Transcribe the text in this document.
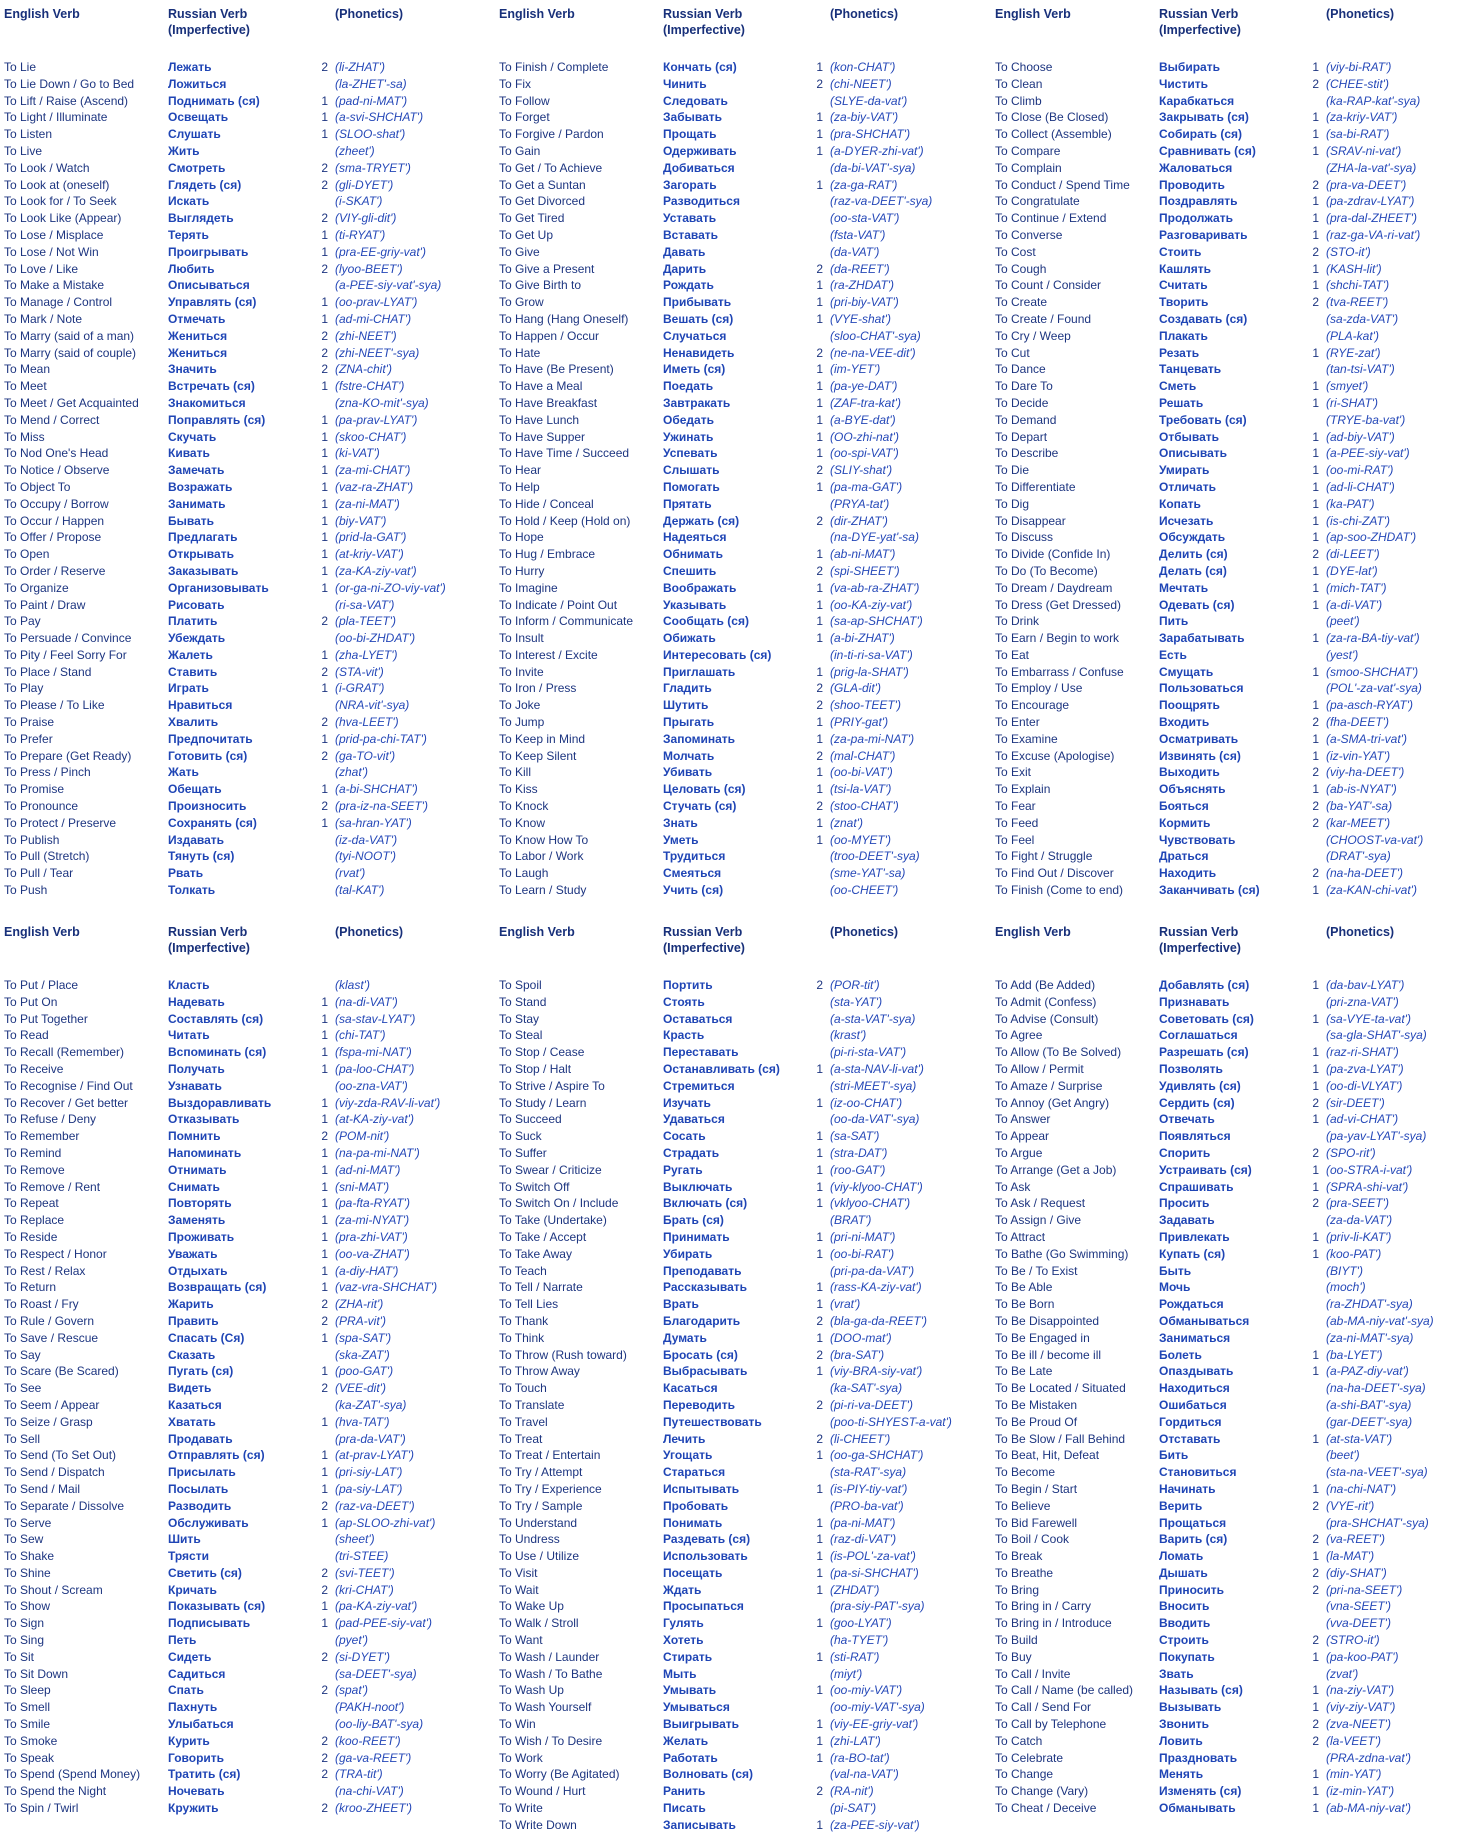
English Verb	Russian Verb
(Imperfective)
(Phonetics)
To Lie	Лежать	2 (li-ZHAT')
To Lie Down / Go to Bed	Ложиться	(la-ZHET'-sa)
To Lift / Raise (Ascend)	Поднимать (ся)	1 (pad-ni-MAT')
To Light / Illuminate	Освещать	1 (a-svi-SHCHAT')
To Listen	Слушать	1 (SLOO-shat')
To Live	Жить	(zheet')
To Look / Watch	Смотреть	2 (sma-TRYET')
To Look at (oneself)	Глядеть (ся)	2 (gli-DYET')
To Look for / To Seek	Искать	(i-SKAT')
To Look Like (Appear)	Выглядеть	2 (VIY-gli-dit')
To Lose / Misplace	Терять	1 (ti-RYAT')
To Lose / Not Win	Проигрывать	1 (pra-EE-griy-vat')
To Love / Like	Любить	2 (lyoo-BEET')
To Make a Mistake	Описываться	(a-PEE-siy-vat'-sya)
To Manage / Control	Управлять (ся)	1 (oo-prav-LYAT')
To Mark / Note	Отмечать	1 (ad-mi-CHAT')
To Marry (said of a man)	Жениться	2 (zhi-NEET')
To Marry (said of couple)	Жениться	2 (zhi-NEET'-sya)
To Mean	Значить	2 (ZNA-chit')
To Meet	Встречать (ся)	1 (fstre-CHAT')
To Meet / Get Acquainted	Знакомиться	(zna-KO-mit'-sya)
To Mend / Correct	Поправлять (ся)	1 (pa-prav-LYAT')
To Miss	Скучать	1 (skoo-CHAT')
To Nod One's Head	Кивать	1 (ki-VAT')
To Notice / Observe	Замечать	1 (za-mi-CHAT')
To Object To	Возражать	1 (vaz-ra-ZHAT')
To Occupy / Borrow	Занимать	1 (za-ni-MAT')
To Occur / Happen	Бывать	1 (biy-VAT')
To Offer / Propose	Предлагать	1 (prid-la-GAT')
To Open	Открывать	1 (at-kriy-VAT')
To Order / Reserve	Заказывать	1 (za-KA-ziy-vat')
To Organize	Организовывать	1 (or-ga-ni-ZO-viy-vat')
To Paint / Draw	Рисовать	(ri-sa-VAT')
To Pay	Платить	2 (pla-TEET')
To Persuade / Convince	Убеждать	(oo-bi-ZHDAT')
To Pity / Feel Sorry For	Жалеть	1 (zha-LYET')
To Place / Stand	Ставить	2 (STA-vit')
To Play	Играть	1 (i-GRAT')
To Please / To Like	Нравиться	(NRA-vit'-sya)
To Praise	Хвалить	2 (hva-LEET')
To Prefer	Предпочитать	1 (prid-pa-chi-TAT')
To Prepare (Get Ready)	Готовить (ся)	2 (ga-TO-vit')
To Press / Pinch	Жать	(zhat')
To Promise	Обещать	1 (a-bi-SHCHAT')
To Pronounce	Произносить	2 (pra-iz-na-SEET')
To Protect / Preserve	Сохранять (ся)	1 (sa-hran-YAT')
To Publish	Издавать	(iz-da-VAT')
To Pull (Stretch)	Тянуть (ся)	(tyi-NOOT')
To Pull / Tear	Рвать	(rvat')
To Push	Толкать	(tal-KAT')
English Verb	Russian Verb
(Imperfective)
(Phonetics)
To Finish / Complete	Кончать (ся)	1 (kon-CHAT')
To Fix	Чинить	2 (chi-NEET')
To Follow	Следовать	(SLYE-da-vat')
To Forget	Забывать	1 (za-biy-VAT')
To Forgive / Pardon	Прощать	1 (pra-SHCHAT')
To Gain	Одерживать	1 (a-DYER-zhi-vat')
To Get / To Achieve	Добиваться	(da-bi-VAT'-sya)
To Get a Suntan	Загорать	1 (za-ga-RAT')
To Get Divorced	Разводиться	(raz-va-DEET'-sya)
To Get Tired	Уставать	(oo-sta-VAT')
To Get Up	Вставать	(fsta-VAT')
To Give	Давать	(da-VAT')
To Give a Present	Дарить	2 (da-REET')
To Give Birth to	Рождать	1 (ra-ZHDAT')
To Grow	Прибывать	1 (pri-biy-VAT')
To Hang (Hang Oneself)	Вешать (ся)	1 (VYE-shat')
To Happen / Occur	Случаться	(sloo-CHAT'-sya)
To Hate	Ненавидеть	2 (ne-na-VEE-dit')
To Have (Be Present)	Иметь (ся)	1 (im-YET')
To Have a Meal	Поедать	1 (pa-ye-DAT')
To Have Breakfast	Завтракать	1 (ZAF-tra-kat')
To Have Lunch	Обедать	1 (a-BYE-dat')
To Have Supper	Ужинать	1 (OO-zhi-nat')
To Have Time / Succeed	Успевать	1 (oo-spi-VAT')
To Hear	Слышать	2 (SLIY-shat')
To Help	Помогать	1 (pa-ma-GAT')
To Hide / Conceal	Прятать	(PRYA-tat')
To Hold / Keep (Hold on)	Держать (ся)	2 (dir-ZHAT')
To Hope	Надеяться	(na-DYE-yat'-sa)
To Hug / Embrace	Обнимать	1 (ab-ni-MAT')
To Hurry	Спешить	2 (spi-SHEET')
To Imagine	Воображать	1 (va-ab-ra-ZHAT')
To Indicate / Point Out	Указывать	1 (oo-KA-ziy-vat')
To Inform / Communicate	Сообщать (ся)	1 (sa-ap-SHCHAT')
To Insult	Обижать	1 (a-bi-ZHAT')
To Interest / Excite	Интересовать (ся)	(in-ti-ri-sa-VAT')
To Invite	Приглашать	1 (prig-la-SHAT')
To Iron / Press	Гладить	2 (GLA-dit')
To Joke	Шутить	2 (shoo-TEET')
To Jump	Прыгать	1 (PRIY-gat')
To Keep in Mind	Запоминать	1 (za-pa-mi-NAT')
To Keep Silent	Молчать	2 (mal-CHAT')
To Kill	Убивать	1 (oo-bi-VAT')
To Kiss	Целовать (ся)	1 (tsi-la-VAT')
To Knock	Стучать (ся)	2 (stoo-CHAT')
To Know	Знать	1 (znat')
To Know How To	Уметь	1 (oo-MYET')
To Labor / Work	Трудиться	(troo-DEET'-sya)
To Laugh	Смеяться	(sme-YAT'-sa)
To Learn / Study	Учить (ся)	(oo-CHEET')
English Verb	Russian Verb
(Imperfective)
(Phonetics)
To Choose	Выбирать	1 (viy-bi-RAT')
To Clean	Чистить	2 (CHEE-stit')
To Climb	Карабкаться	(ka-RAP-kat'-sya)
To Close (Be Closed)	Закрывать (ся)	1 (za-kriy-VAT')
To Collect (Assemble)	Собирать (ся)	1 (sa-bi-RAT')
To Compare	Сравнивать (ся)	1 (SRAV-ni-vat')
To Complain	Жаловаться	(ZHA-la-vat'-sya)
To Conduct / Spend Time	Проводить	2 (pra-va-DEET')
To Congratulate	Поздравлять	1 (pa-zdrav-LYAT')
To Continue / Extend	Продолжать	1 (pra-dal-ZHEET')
To Converse	Разговаривать	1 (raz-ga-VA-ri-vat')
To Cost	Стоить	2 (STO-it')
To Cough	Кашлять	1 (KASH-lit')
To Count / Consider	Считать	1 (shchi-TAT')
To Create	Творить	2 (tva-REET')
To Create / Found	Создавать (ся)	(sa-zda-VAT')
To Cry / Weep	Плакать	(PLA-kat')
To Cut	Резать	1 (RYE-zat')
To Dance	Танцевать	(tan-tsi-VAT')
To Dare To	Сметь	1 (smyet')
To Decide	Решать	1 (ri-SHAT')
To Demand	Требовать (ся)	(TRYE-ba-vat')
To Depart	Отбывать	1 (ad-biy-VAT')
To Describe	Описывать	1 (a-PEE-siy-vat')
To Die	Умирать	1 (oo-mi-RAT')
To Differentiate	Отличать	1 (ad-li-CHAT')
To Dig	Копать	1 (ka-PAT')
To Disappear	Исчезать	1 (is-chi-ZAT')
To Discuss	Обсуждать	1 (ap-soo-ZHDAT')
To Divide (Confide In)	Делить (ся)	2 (di-LEET')
To Do (To Become)	Делать (ся)	1 (DYE-lat')
To Dream / Daydream	Мечтать	1 (mich-TAT')
To Dress (Get Dressed)	Одевать (ся)	1 (a-di-VAT')
To Drink	Пить	(peet')
To Earn / Begin to work	Зарабатывать	1 (za-ra-BA-tiy-vat')
To Eat	Есть	(yest')
To Embarrass / Confuse	Смущать	1 (smoo-SHCHAT')
To Employ / Use	Пользоваться	(POL'-za-vat'-sya)
To Encourage	Поощрять	1 (pa-asch-RYAT')
To Enter	Входить	2 (fha-DEET')
To Examine	Осматривать	1 (a-SMA-tri-vat')
To Excuse (Apologise)	Извинять (ся)	1 (iz-vin-YAT')
To Exit	Выходить	2 (viy-ha-DEET')
To Explain	Объяснять	1 (ab-is-NYAT')
To Fear	Бояться	2 (ba-YAT'-sa)
To Feed	Кормить	2 (kar-MEET')
To Feel	Чувствовать	(CHOOST-va-vat')
To Fight / Struggle	Драться	(DRAT'-sya)
To Find Out / Discover	Находить	2 (na-ha-DEET')
To Finish (Come to end)	Заканчивать (ся)	1 (za-KAN-chi-vat')
English Verb	Russian Verb
(Imperfective)
(Phonetics)
To Put / Place	Класть	(klast')
To Put On	Надевать	1 (na-di-VAT')
To Put Together	Составлять (ся)	1 (sa-stav-LYAT')
To Read	Читать	1 (chi-TAT')
To Recall (Remember)	Вспоминать (ся)	1 (fspa-mi-NAT')
To Receive	Получать	1 (pa-loo-CHAT')
To Recognise / Find Out	Узнавать	(oo-zna-VAT')
To Recover / Get better	Выздоравливать	1 (viy-zda-RAV-li-vat')
To Refuse / Deny	Отказывать	1 (at-KA-ziy-vat')
To Remember	Помнить	2 (POM-nit')
To Remind	Напоминать	1 (na-pa-mi-NAT')
To Remove	Отнимать	1 (ad-ni-MAT')
To Remove / Rent	Снимать	1 (sni-MAT')
To Repeat	Повторять	1 (pa-fta-RYAT')
To Replace	Заменять	1 (za-mi-NYAT')
To Reside	Проживать	1 (pra-zhi-VAT')
To Respect / Honor	Уважать	1 (oo-va-ZHAT')
To Rest / Relax	Отдыхать	1 (a-diy-HAT')
To Return	Возвращать (ся)	1 (vaz-vra-SHCHAT')
To Roast / Fry	Жарить	2 (ZHA-rit')
To Rule / Govern	Править	2 (PRA-vit')
To Save / Rescue	Спасать (Ся)	1 (spa-SAT')
To Say	Сказать	(ska-ZAT')
To Scare (Be Scared)	Пугать (ся)	1 (poo-GAT')
To See	Видеть	2 (VEE-dit')
To Seem / Appear	Казаться	(ka-ZAT'-sya)
To Seize / Grasp	Хватать	1 (hva-TAT')
To Sell	Продавать	(pra-da-VAT')
To Send (To Set Out)	Отправлять (ся)	1 (at-prav-LYAT')
To Send / Dispatch	Присылать	1 (pri-siy-LAT')
To Send / Mail	Посылать	1 (pa-siy-LAT')
To Separate / Dissolve	Разводить	2 (raz-va-DEET')
To Serve	Обслуживать	1 (ap-SLOO-zhi-vat')
To Sew	Шить	(sheet')
To Shake	Трясти	(tri-STEE)
To Shine	Светить (ся)	2 (svi-TEET')
To Shout / Scream	Кричать	2 (kri-CHAT')
To Show	Показывать (ся)	1 (pa-KA-ziy-vat')
To Sign	Подписывать	1 (pad-PEE-siy-vat')
To Sing	Петь	(pyet')
To Sit	Сидеть	2 (si-DYET')
To Sit Down	Садиться	(sa-DEET'-sya)
To Sleep	Спать	2 (spat')
To Smell	Пахнуть	(PAKH-noot')
To Smile	Улыбаться	(oo-liy-BAT'-sya)
To Smoke	Курить	2 (koo-REET')
To Speak	Говорить	2 (ga-va-REET')
To Spend (Spend Money)	Тратить (ся)	2 (TRA-tit')
To Spend the Night	Ночевать	(na-chi-VAT')
To Spin / Twirl	Кружить	2 (kroo-ZHEET')
English Verb	Russian Verb
(Imperfective)
(Phonetics)
To Spoil	Портить	2 (POR-tit')
To Stand	Стоять	(sta-YAT')
To Stay	Оставаться	(a-sta-VAT'-sya)
To Steal	Красть	(krast')
To Stop / Cease	Переставать	(pi-ri-sta-VAT')
To Stop / Halt	Останавливать (ся)	1 (a-sta-NAV-li-vat')
To Strive / Aspire To	Стремиться	(stri-MEET'-sya)
To Study / Learn	Изучать	1 (iz-oo-CHAT')
To Succeed	Удаваться	(oo-da-VAT'-sya)
To Suck	Сосать	1 (sa-SAT')
To Suffer	Страдать	1 (stra-DAT')
To Swear / Criticize	Ругать	1 (roo-GAT')
To Switch Off	Выключать	1 (viy-klyoo-CHAT')
To Switch On / Include	Включать (ся)	1 (vklyoo-CHAT')
To Take (Undertake)	Брать (ся)	(BRAT')
To Take / Accept	Принимать	1 (pri-ni-MAT')
To Take Away	Убирать	1 (oo-bi-RAT')
To Teach	Преподавать	(pri-pa-da-VAT')
To Tell / Narrate	Рассказывать	1 (rass-KA-ziy-vat')
To Tell Lies	Врать	1 (vrat')
To Thank	Благодарить	2 (bla-ga-da-REET')
To Think	Думать	1 (DOO-mat')
To Throw (Rush toward)	Бросать (ся)	2 (bra-SAT')
To Throw Away	Выбрасывать	1 (viy-BRA-siy-vat')
To Touch	Касаться	(ka-SAT'-sya)
To Translate	Переводить	2 (pi-ri-va-DEET')
To Travel	Путешествовать	(poo-ti-SHYEST-a-vat')
To Treat	Лечить	2 (li-CHEET')
To Treat / Entertain	Угощать	1 (oo-ga-SHCHAT')
To Try / Attempt	Стараться	(sta-RAT'-sya)
To Try / Experience	Испытывать	1 (is-PIY-tiy-vat')
To Try / Sample	Пробовать	(PRO-ba-vat')
To Understand	Понимать	1 (pa-ni-MAT')
To Undress	Раздевать (ся)	1 (raz-di-VAT')
To Use / Utilize	Использовать	1 (is-POL'-za-vat')
To Visit	Посещать	1 (pa-si-SHCHAT')
To Wait	Ждать	1 (ZHDAT')
To Wake Up	Просыпаться	(pra-siy-PAT'-sya)
To Walk / Stroll	Гулять	1 (goo-LYAT')
To Want	Хотеть	(ha-TYET')
To Wash / Launder	Стирать	1 (sti-RAT')
To Wash / To Bathe	Мыть	(miyt')
To Wash Up	Умывать	1 (oo-miy-VAT')
To Wash Yourself	Умываться	(oo-miy-VAT'-sya)
To Win	Выигрывать	1 (viy-EE-griy-vat')
To Wish / To Desire	Желать	1 (zhi-LAT')
To Work	Работать	1 (ra-BO-tat')
To Worry (Be Agitated)	Волновать (ся)	(val-na-VAT')
To Wound / Hurt	Ранить	2 (RA-nit')
To Write	Писать	(pi-SAT')
To Write Down	Записывать	1 (za-PEE-siy-vat')
English Verb	Russian Verb
(Imperfective)
(Phonetics)
To Add (Be Added)	Добавлять (ся)	1 (da-bav-LYAT')
To Admit (Confess)	Признавать	(pri-zna-VAT')
To Advise (Consult)	Советовать (ся)	1 (sa-VYE-ta-vat')
To Agree	Соглашаться	(sa-gla-SHAT'-sya)
To Allow (To Be Solved)	Разрешать (ся)	1 (raz-ri-SHAT')
To Allow / Permit	Позволять	1 (pa-zva-LYAT')
To Amaze / Surprise	Удивлять (ся)	1 (oo-di-VLYAT')
To Annoy (Get Angry)	Сердить (ся)	2 (sir-DEET')
To Answer	Отвечать	1 (ad-vi-CHAT')
To Appear	Появляться	(pa-yav-LYAT'-sya)
To Argue	Спорить	2 (SPO-rit')
To Arrange (Get a Job)	Устраивать (ся)	1 (oo-STRA-i-vat')
To Ask	Спрашивать	1 (SPRA-shi-vat')
To Ask / Request	Просить	2 (pra-SEET')
To Assign / Give	Задавать	(za-da-VAT')
To Attract	Привлекать	1 (priv-li-KAT')
To Bathe (Go Swimming)	Купать (ся)	1 (koo-PAT')
To Be / To Exist	Быть	(BIYT')
To Be Able	Мочь	(moch')
To Be Born	Рождаться	(ra-ZHDAT'-sya)
To Be Disappointed	Обманываться	(ab-MA-niy-vat'-sya)
To Be Engaged in	Заниматься	(za-ni-MAT'-sya)
To Be ill / become ill	Болеть	1 (ba-LYET')
To Be Late	Опаздывать	1 (a-PAZ-diy-vat')
To Be Located / Situated	Находиться	(na-ha-DEET'-sya)
To Be Mistaken	Ошибаться	(a-shi-BAT'-sya)
To Be Proud Of	Гордиться	(gar-DEET'-sya)
To Be Slow / Fall Behind	Отставать	1 (at-sta-VAT')
To Beat, Hit, Defeat	Бить	(beet')
To Become	Становиться	(sta-na-VEET'-sya)
To Begin / Start	Начинать	1 (na-chi-NAT')
To Believe	Верить	2 (VYE-rit')
To Bid Farewell	Прощаться	(pra-SHCHAT'-sya)
To Boil / Cook	Варить (ся)	2 (va-REET')
To Break	Ломать	1 (la-MAT')
To Breathe	Дышать	2 (diy-SHAT')
To Bring	Приносить	2 (pri-na-SEET')
To Bring in / Carry	Вносить	(vna-SEET')
To Bring in / Introduce	Вводить	(vva-DEET')
To Build	Строить	2 (STRO-it')
To Buy	Покупать	1 (pa-koo-PAT')
To Call / Invite	Звать	(zvat')
To Call / Name (be called)	Называть (ся)	1 (na-ziy-VAT')
To Call / Send For	Вызывать	1 (viy-ziy-VAT')
To Call by Telephone	Звонить	2 (zva-NEET')
To Catch	Ловить	2 (la-VEET')
To Celebrate	Праздновать	(PRA-zdna-vat')
To Change	Менять	1 (min-YAT')
To Change (Vary)	Изменять (ся)	1 (iz-min-YAT')
To Cheat / Deceive	Обманывать	1 (ab-MA-niy-vat')
